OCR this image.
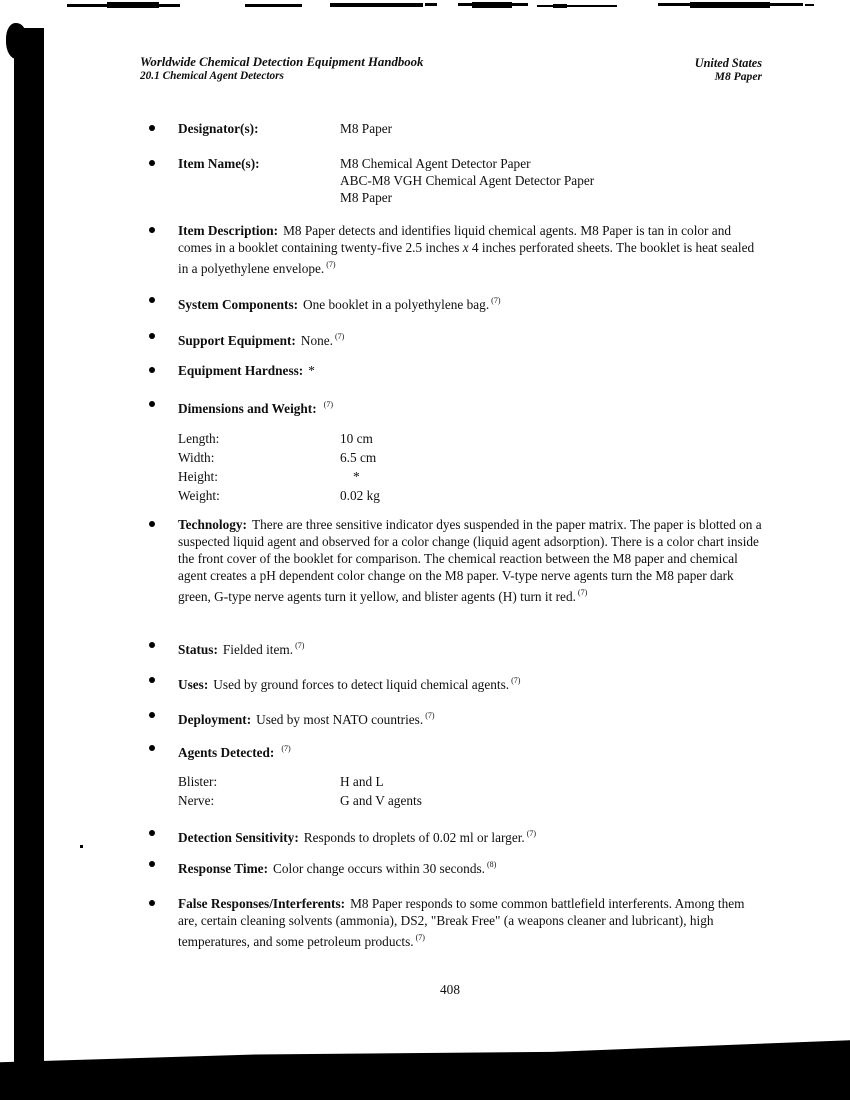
Worldwide Chemical Detection Equipment Handbook
20.1 Chemical Agent Detectors
United States
M8 Paper
Designator(s):	M8 Paper
Item Name(s):	M8 Chemical Agent Detector Paper
ABC-M8 VGH Chemical Agent Detector Paper
M8 Paper
Item Description: M8 Paper detects and identifies liquid chemical agents. M8 Paper is tan in color and comes in a booklet containing twenty-five 2.5 inches x 4 inches perforated sheets. The booklet is heat sealed in a polyethylene envelope. $^{(7)}$
System Components: One booklet in a polyethylene bag. $^{(7)}$
Support Equipment: None. $^{(7)}$
Equipment Hardness: *
Dimensions and Weight: $^{(7)}$
Length:	10 cm
Width:	6.5 cm
Height:	*
Weight:	0.02 kg
Technology: There are three sensitive indicator dyes suspended in the paper matrix. The paper is blotted on a suspected liquid agent and observed for a color change (liquid agent adsorption). There is a color chart inside the front cover of the booklet for comparison. The chemical reaction between the M8 paper and chemical agent creates a pH dependent color change on the M8 paper. V-type nerve agents turn the M8 paper dark green, G-type nerve agents turn it yellow, and blister agents (H) turn it red. $^{(7)}$
Status: Fielded item. $^{(7)}$
Uses: Used by ground forces to detect liquid chemical agents. $^{(7)}$
Deployment: Used by most NATO countries. $^{(7)}$
Agents Detected: $^{(7)}$
Blister:	H and L
Nerve:	G and V agents
Detection Sensitivity: Responds to droplets of 0.02 ml or larger. $^{(7)}$
Response Time: Color change occurs within 30 seconds. $^{(8)}$
False Responses/Interferents: M8 Paper responds to some common battlefield interferents. Among them are, certain cleaning solvents (ammonia), DS2, "Break Free" (a weapons cleaner and lubricant), high temperatures, and some petroleum products. $^{(7)}$
408
